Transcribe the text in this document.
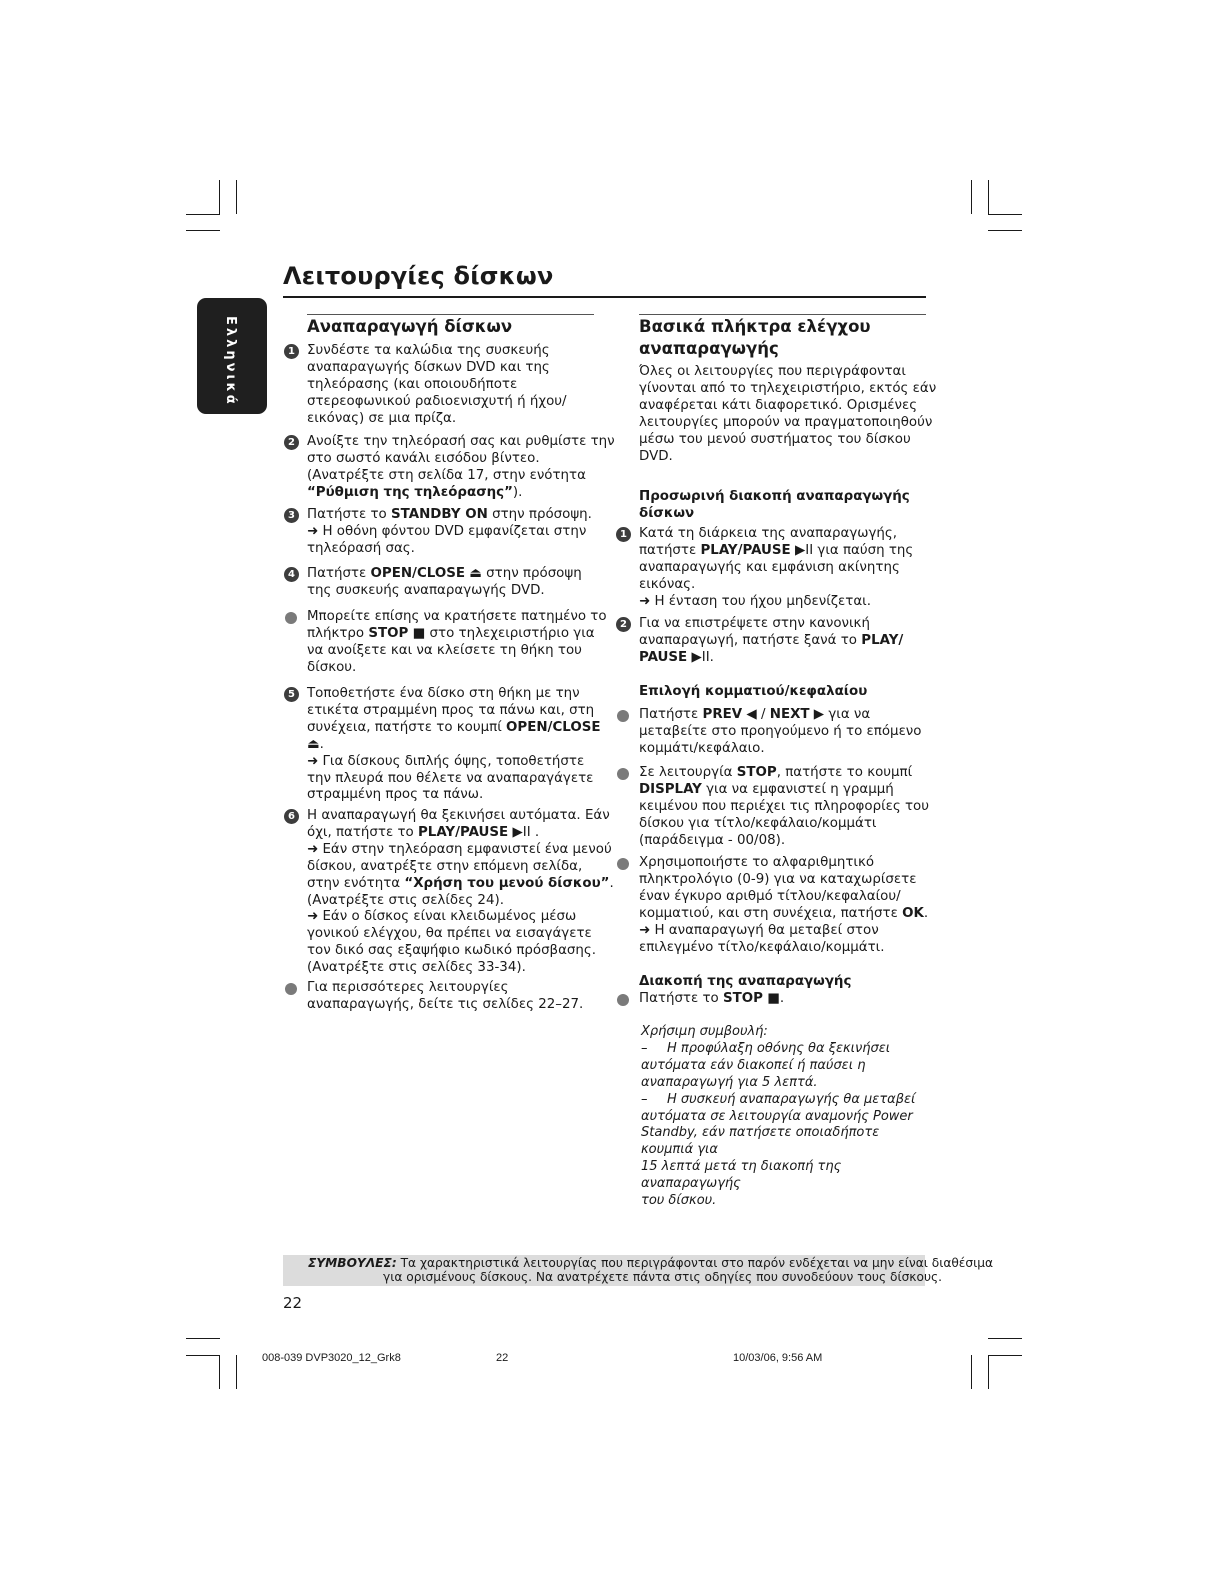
Λειτουργίες δίσκων
Ελληνικά	Αναπαραγωγή δίσκων
1 Συνδέστε τα καλώδια της συσκευής

αναπαραγωγής δίσκων DVD και της

τηλεόρασης (και οποιουδήποτε

στερεοφωνικού ραδιοενισχυτή ή ήχου/

εικόνας) σε μια πρίζα.

2 Ανοίξτε την τηλεόρασή σας και ρυθμίστε την

στο σωστό κανάλι εισόδου βίντεο.

(Ανατρέξτε στη σελίδα 17, στην ενότητα

“Ρύθμιση της τηλεόρασης”).

3 Πατήστε το STANDBY ON στην πρόσοψη.

➜ Η οθόνη φόντου DVD εμφανίζεται στην

τηλεόρασή σας.

4 Πατήστε OPEN/CLOSE ⏏ στην πρόσοψη

της συσκευής αναπαραγωγής DVD.

Μπορείτε επίσης να κρατήσετε πατημένο το

πλήκτρο STOP ■ στο τηλεχειριστήριο για

να ανοίξετε και να κλείσετε τη θήκη του

δίσκου.

5 Τοποθετήστε ένα δίσκο στη θήκη με την

ετικέτα στραμμένη προς τα πάνω και, στη

συνέχεια, πατήστε το κουμπί OPEN/CLOSE

⏏.

➜ Για δίσκους διπλής όψης, τοποθετήστε

την πλευρά που θέλετε να αναπαραγάγετε

στραμμένη προς τα πάνω.

6 Η αναπαραγωγή θα ξεκινήσει αυτόματα. Εάν

όχι, πατήστε το PLAY/PAUSE ▶II .

➜ Εάν στην τηλεόραση εμφανιστεί ένα μενού

δίσκου, ανατρέξτε στην επόμενη σελίδα,

στην ενότητα “Χρήση του μενού δίσκου”.

(Ανατρέξτε στις σελίδες 24).

➜ Εάν ο δίσκος είναι κλειδωμένος μέσω

γονικού ελέγχου, θα πρέπει να εισαγάγετε

τον δικό σας εξαψήφιο κωδικό πρόσβασης.

(Ανατρέξτε στις σελίδες 33-34).

Για περισσότερες λειτουργίες

αναπαραγωγής, δείτε τις σελίδες 22–27.

Βασικά πλήκτρα ελέγχου
αναπαραγωγής

Όλες οι λειτουργίες που περιγράφονται

γίνονται από το τηλεχειριστήριο, εκτός εάν

αναφέρεται κάτι διαφορετικό. Ορισμένες

λειτουργίες μπορούν να πραγματοποιηθούν

μέσω του μενού συστήματος του δίσκου

DVD.

Προσωρινή διακοπή αναπαραγωγής
δίσκων
Επιλογή κομματιού/κεφαλαίου
Διακοπή της αναπαραγωγής
1 Κατά τη διάρκεια της αναπαραγωγής,

πατήστε PLAY/PAUSE ▶II για παύση της

αναπαραγωγής και εμφάνιση ακίνητης

εικόνας.

➜ Η ένταση του ήχου μηδενίζεται.

2 Για να επιστρέψετε στην κανονική

αναπαραγωγή, πατήστε ξανά το PLAY/

PAUSE ▶II.

Πατήστε PREV ◀ / NEXT ▶ για να

μεταβείτε στο προηγούμενο ή το επόμενο

κομμάτι/κεφάλαιο.

Σε λειτουργία STOP, πατήστε το κουμπί

DISPLAY για να εμφανιστεί η γραμμή

κειμένου που περιέχει τις πληροφορίες του

δίσκου για τίτλο/κεφάλαιο/κομμάτι

(παράδειγμα - 00/08).

Χρησιμοποιήστε το αλφαριθμητικό

πληκτρολόγιο (0-9) για να καταχωρίσετε

έναν έγκυρο αριθμό τίτλου/κεφαλαίου/

κομματιού, και στη συνέχεια, πατήστε OK.

➜ Η αναπαραγωγή θα μεταβεί στον

επιλεγμένο τίτλο/κεφάλαιο/κομμάτι.

Πατήστε το STOP ■.

Χρήσιμη συμβουλή:

– Η προφύλαξη οθόνης θα ξεκινήσει

αυτόματα εάν διακοπεί ή παύσει η

αναπαραγωγή για 5 λεπτά.

– Η συσκευή αναπαραγωγής θα μεταβεί

αυτόματα σε λειτουργία αναμονής Power

Standby, εάν πατήσετε οποιαδήποτε κουμπιά για

15 λεπτά μετά τη διακοπή της αναπαραγωγής

του δίσκου.

ΣΥΜΒΟΥΛΕΣ: Τα χαρακτηριστικά λειτουργίας που περιγράφονται στο παρόν ενδέχεται να μην είναι διαθέσιμα
για ορισμένους δίσκους. Να ανατρέχετε πάντα στις οδηγίες που συνοδεύουν τους δίσκους.
22
008-039 DVP3020_12_Grk8	22	10/03/06, 9:56 AM
